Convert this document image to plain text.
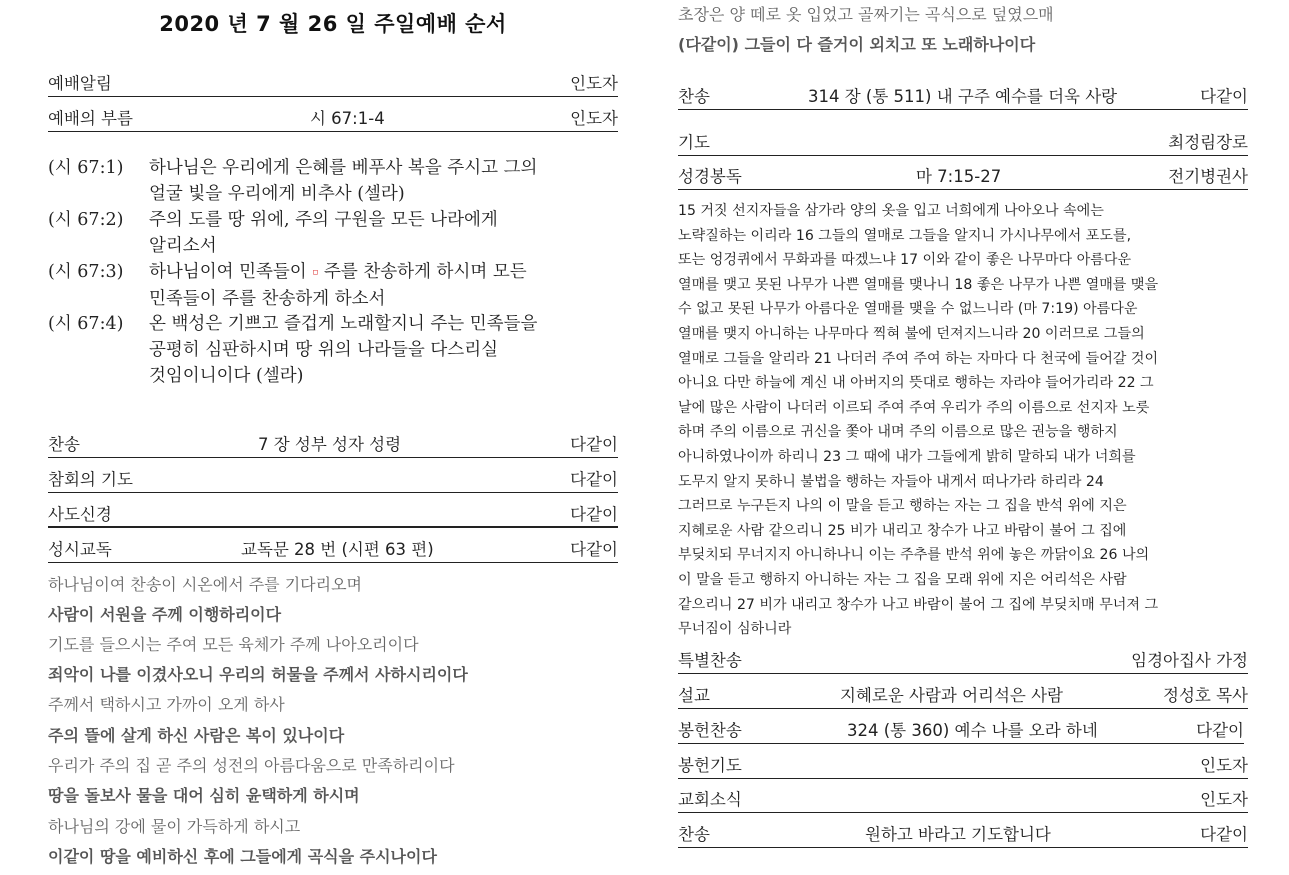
2020 년 7 월 26 일 주일예배 순서
예배알림	인도자
예배의 부름	시 67:1-4	인도자
(시 67:1)	하나님은 우리에게 은혜를 베푸사 복을 주시고 그의
얼굴 빛을 우리에게 비추사 (셀라)
(시 67:2)	주의 도를 땅 위에, 주의 구원을 모든 나라에게
알리소서
(시 67:3)	하나님이여 민족들이 ▫ 주를 찬송하게 하시며 모든
민족들이 주를 찬송하게 하소서
(시 67:4)	온 백성은 기쁘고 즐겁게 노래할지니 주는 민족들을
공평히 심판하시며 땅 위의 나라들을 다스리실
것임이니이다 (셀라)
찬송	7 장 성부 성자 성령	다같이
참회의 기도	다같이
사도신경	다같이
성시교독	교독문 28 번 (시편 63 편)	다같이
하나님이여 찬송이 시온에서 주를 기다리오며
사람이 서원을 주께 이행하리이다
기도를 들으시는 주여 모든 육체가 주께 나아오리이다
죄악이 나를 이겼사오니 우리의 허물을 주께서 사하시리이다
주께서 택하시고 가까이 오게 하사
주의 뜰에 살게 하신 사람은 복이 있나이다
우리가 주의 집 곧 주의 성전의 아름다움으로 만족하리이다
땅을 돌보사 물을 대어 심히 윤택하게 하시며
하나님의 강에 물이 가득하게 하시고
이같이 땅을 예비하신 후에 그들에게 곡식을 주시나이다
초장은 양 떼로 옷 입었고 골짜기는 곡식으로 덮였으매
(다같이) 그들이 다 즐거이 외치고 또 노래하나이다
찬송	314 장 (통 511) 내 구주 예수를 더욱 사랑	다같이
기도	최정림장로
성경봉독	마 7:15-27	전기병권사
15 거짓 선지자들을 삼가라 양의 옷을 입고 너희에게 나아오나 속에는
노략질하는 이리라 16 그들의 열매로 그들을 알지니 가시나무에서 포도를,
또는 엉겅퀴에서 무화과를 따겠느냐 17 이와 같이 좋은 나무마다 아름다운
열매를 맺고 못된 나무가 나쁜 열매를 맺나니 18 좋은 나무가 나쁜 열매를 맺을
수 없고 못된 나무가 아름다운 열매를 맺을 수 없느니라 (마 7:19) 아름다운
열매를 맺지 아니하는 나무마다 찍혀 불에 던져지느니라 20 이러므로 그들의
열매로 그들을 알리라 21 나더러 주여 주여 하는 자마다 다 천국에 들어갈 것이
아니요 다만 하늘에 계신 내 아버지의 뜻대로 행하는 자라야 들어가리라 22 그
날에 많은 사람이 나더러 이르되 주여 주여 우리가 주의 이름으로 선지자 노릇
하며 주의 이름으로 귀신을 쫓아 내며 주의 이름으로 많은 권능을 행하지
아니하였나이까 하리니 23 그 때에 내가 그들에게 밝히 말하되 내가 너희를
도무지 알지 못하니 불법을 행하는 자들아 내게서 떠나가라 하리라 24
그러므로 누구든지 나의 이 말을 듣고 행하는 자는 그 집을 반석 위에 지은
지혜로운 사람 같으리니 25 비가 내리고 창수가 나고 바람이 불어 그 집에
부딪치되 무너지지 아니하나니 이는 주추를 반석 위에 놓은 까닭이요 26 나의
이 말을 듣고 행하지 아니하는 자는 그 집을 모래 위에 지은 어리석은 사람
같으리니 27 비가 내리고 창수가 나고 바람이 불어 그 집에 부딪치매 무너져 그
무너짐이 심하니라
특별찬송	임경아집사 가정
설교	지혜로운 사람과 어리석은 사람	정성호 목사
봉헌찬송	324 (통 360) 예수 나를 오라 하네	다같이
봉헌기도	인도자
교회소식	인도자
찬송	원하고 바라고 기도합니다	다같이
